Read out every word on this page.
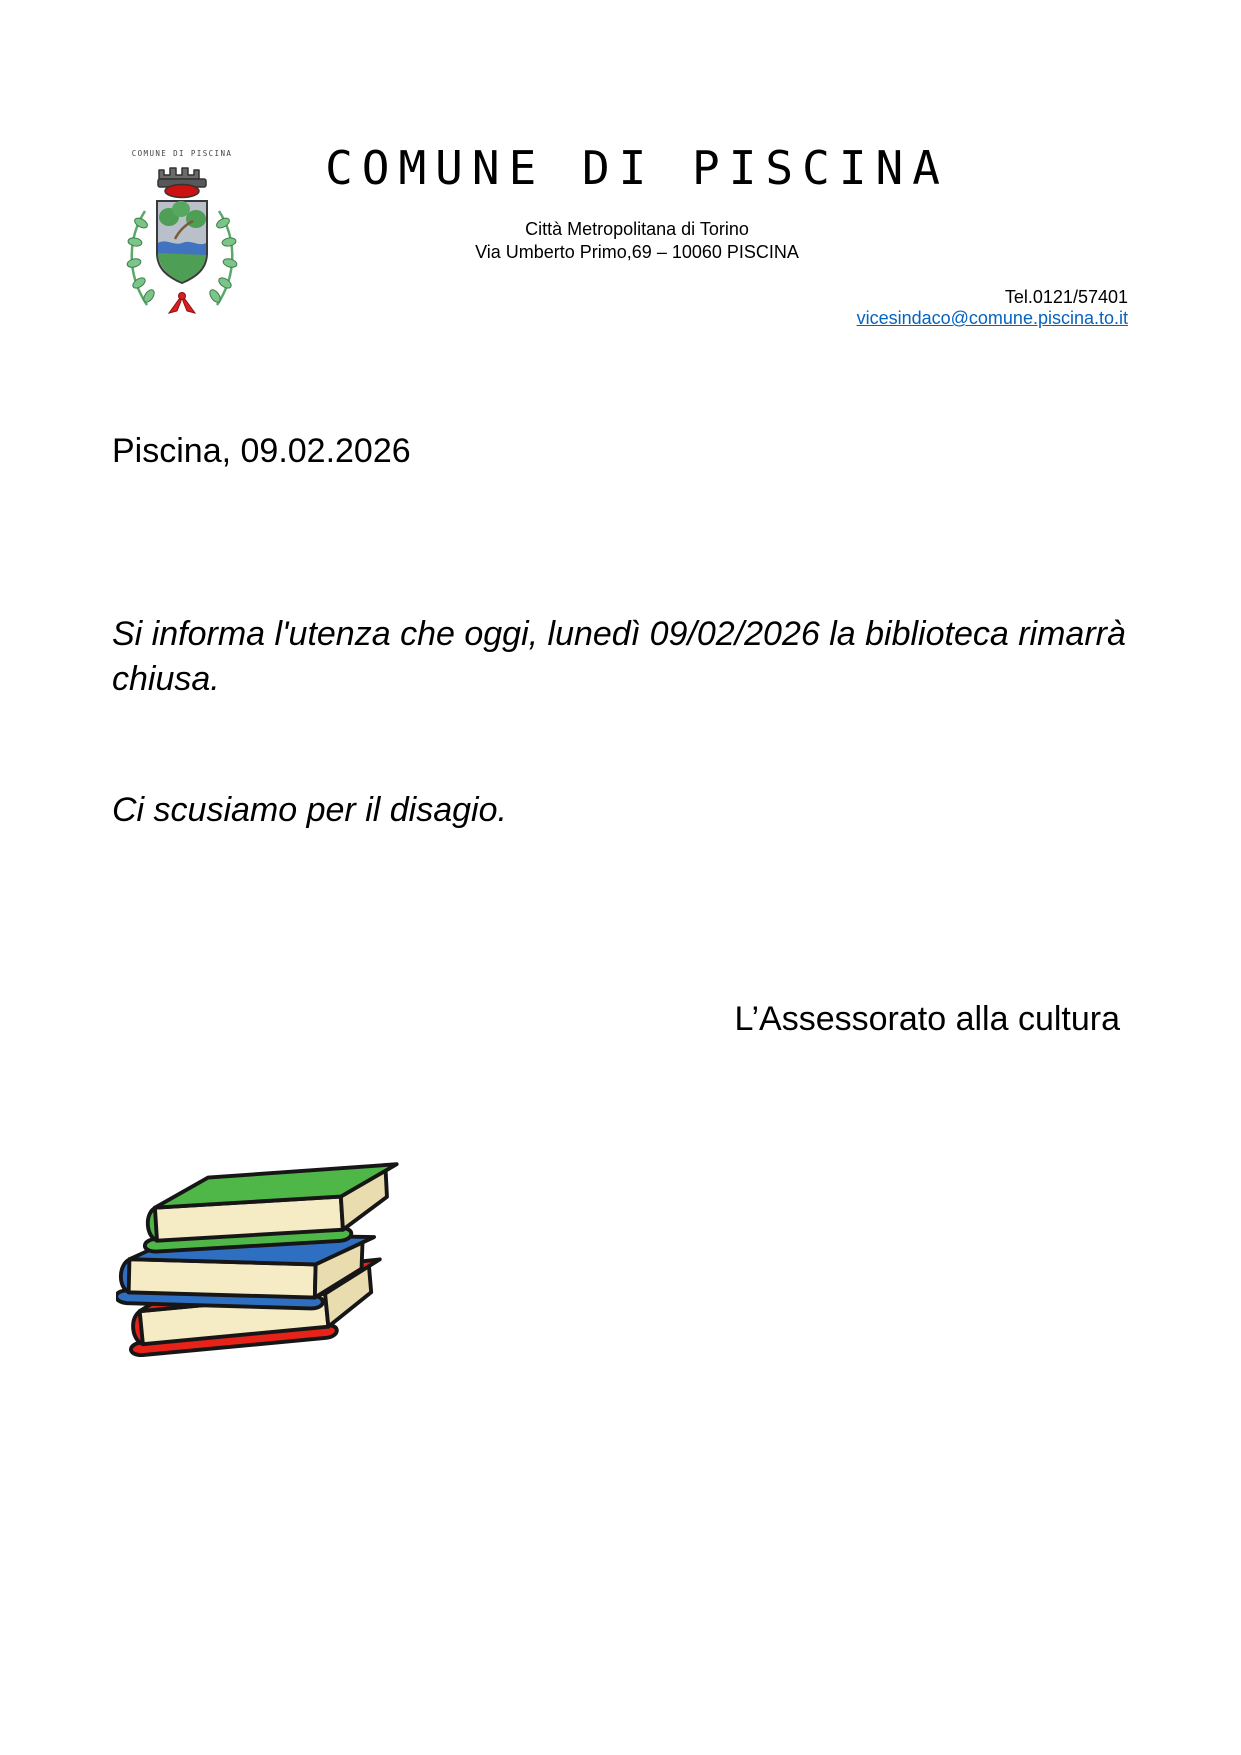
COMUNE DI PISCINA	COMUNE DI PISCINA
Città Metropolitana di Torino
Via Umberto Primo,69 – 10060 PISCINA
Tel.0121/57401
vicesindaco@comune.piscina.to.it
Piscina, 09.02.2026
Si informa l'utenza che oggi, lunedì 09/02/2026 la biblioteca rimarrà chiusa.
Ci scusiamo per il disagio.
L’Assessorato alla cultura
